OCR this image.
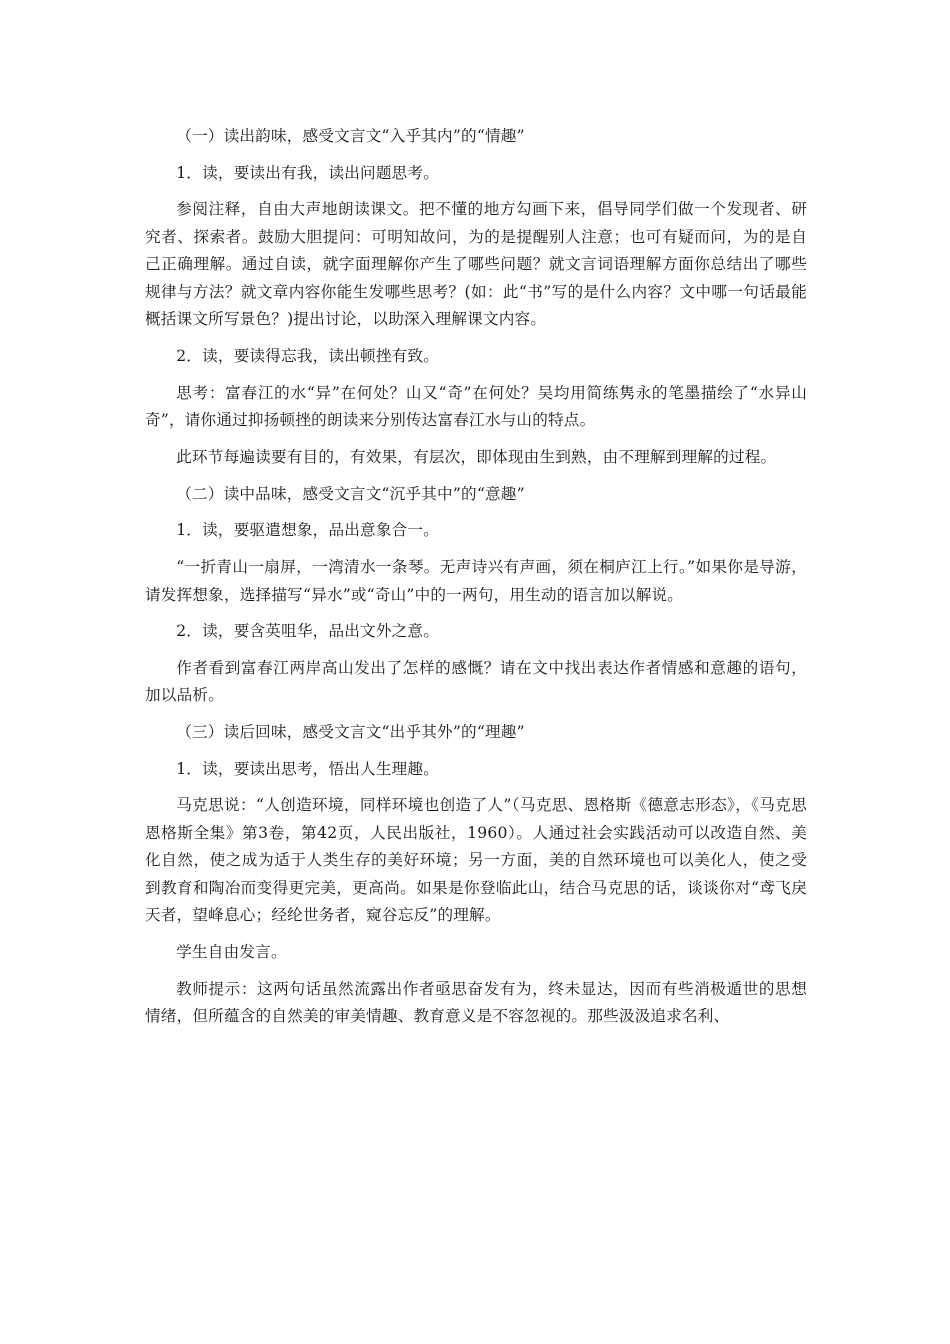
（一）读出韵味，感受文言文“入乎其内”的“情趣”

1．读，要读出有我，读出问题思考。

参阅注释，自由大声地朗读课文。把不懂的地方勾画下来，倡导同学们做一个发现者、研究者、探索者。鼓励大胆提问：可明知故问，为的是提醒别人注意；也可有疑而问，为的是自己正确理解。通过自读，就字面理解你产生了哪些问题？就文言词语理解方面你总结出了哪些规律与方法？就文章内容你能生发哪些思考？(如：此“书”写的是什么内容？文中哪一句话最能概括课文所写景色？)提出讨论，以助深入理解课文内容。

2．读，要读得忘我，读出顿挫有致。

思考：富春江的水“异”在何处？山又“奇”在何处？吴均用简练隽永的笔墨描绘了“水异山奇”，请你通过抑扬顿挫的朗读来分别传达富春江水与山的特点。

此环节每遍读要有目的，有效果，有层次，即体现由生到熟，由不理解到理解的过程。

（二）读中品味，感受文言文“沉乎其中”的“意趣”

1．读，要驱遣想象，品出意象合一。

“一折青山一扇屏，一湾清水一条琴。无声诗兴有声画，须在桐庐江上行。”如果你是导游，请发挥想象，选择描写“异水”或“奇山”中的一两句，用生动的语言加以解说。

2．读，要含英咀华，品出文外之意。

作者看到富春江两岸高山发出了怎样的感慨？请在文中找出表达作者情感和意趣的语句，加以品析。

（三）读后回味，感受文言文“出乎其外”的“理趣”

1．读，要读出思考，悟出人生理趣。

马克思说：“人创造环境，同样环境也创造了人”（马克思、恩格斯《德意志形态》，《马克思恩格斯全集》第3卷，第42页，人民出版社，1960）。人通过社会实践活动可以改造自然、美化自然，使之成为适于人类生存的美好环境；另一方面，美的自然环境也可以美化人，使之受到教育和陶冶而变得更完美，更高尚。如果是你登临此山，结合马克思的话，谈谈你对“鸢飞戾天者，望峰息心；经纶世务者，窥谷忘反”的理解。

学生自由发言。

教师提示：这两句话虽然流露出作者亟思奋发有为，终未显达，因而有些消极遁世的思想情绪，但所蕴含的自然美的审美情趣、教育意义是不容忽视的。那些汲汲追求名利、
